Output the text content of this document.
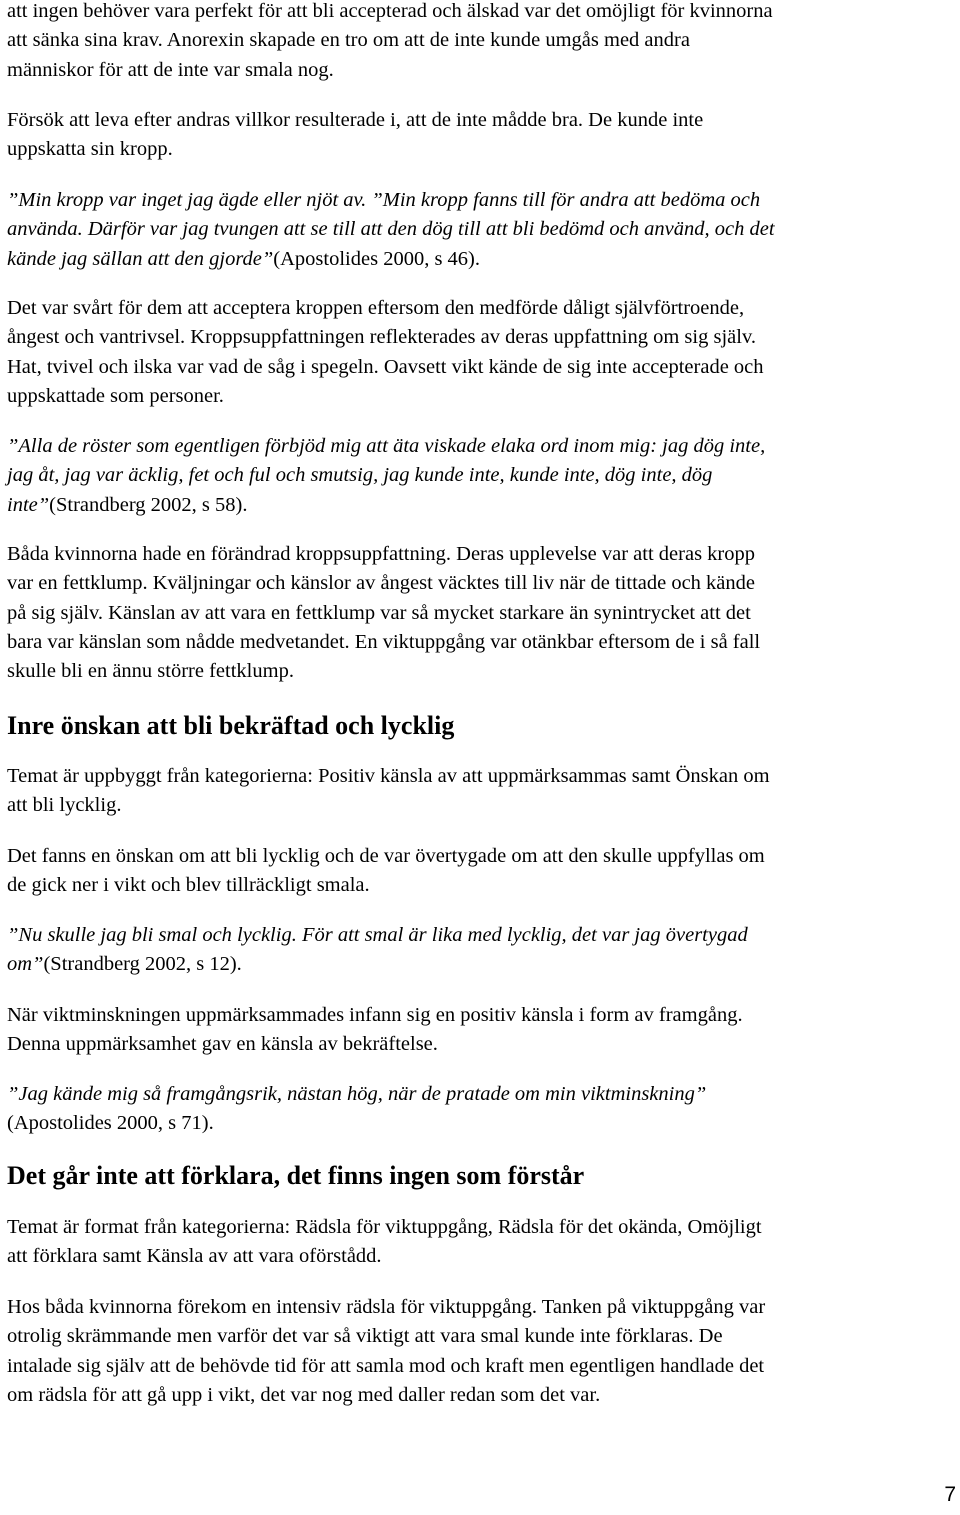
att ingen behöver vara perfekt för att bli accepterad och älskad var det omöjligt för kvinnorna
att sänka sina krav. Anorexin skapade en tro om att de inte kunde umgås med andra
människor för att de inte var smala nog.

Försök att leva efter andras villkor resulterade i, att de inte mådde bra. De kunde inte
uppskatta sin kropp.

”Min kropp var inget jag ägde eller njöt av. ”Min kropp fanns till för andra att bedöma och
använda. Därför var jag tvungen att se till att den dög till att bli bedömd och använd, och det
kände jag sällan att den gjorde”(Apostolides 2000, s 46).

Det var svårt för dem att acceptera kroppen eftersom den medförde dåligt självförtroende,
ångest och vantrivsel. Kroppsuppfattningen reflekterades av deras uppfattning om sig själv.
Hat, tvivel och ilska var vad de såg i spegeln. Oavsett vikt kände de sig inte accepterade och
uppskattade som personer.

”Alla de röster som egentligen förbjöd mig att äta viskade elaka ord inom mig: jag dög inte,
jag åt, jag var äcklig, fet och ful och smutsig, jag kunde inte, kunde inte, dög inte, dög
inte”(Strandberg 2002, s 58).

Båda kvinnorna hade en förändrad kroppsuppfattning. Deras upplevelse var att deras kropp
var en fettklump. Kväljningar och känslor av ångest väcktes till liv när de tittade och kände
på sig själv. Känslan av att vara en fettklump var så mycket starkare än synintrycket att det
bara var känslan som nådde medvetandet. En viktuppgång var otänkbar eftersom de i så fall
skulle bli en ännu större fettklump.

Inre önskan att bli bekräftad och lycklig

Temat är uppbyggt från kategorierna: Positiv känsla av att uppmärksammas samt Önskan om
att bli lycklig.

Det fanns en önskan om att bli lycklig och de var övertygade om att den skulle uppfyllas om
de gick ner i vikt och blev tillräckligt smala.

”Nu skulle jag bli smal och lycklig. För att smal är lika med lycklig, det var jag övertygad
om”(Strandberg 2002, s 12).

När viktminskningen uppmärksammades infann sig en positiv känsla i form av framgång.
Denna uppmärksamhet gav en känsla av bekräftelse.

”Jag kände mig så framgångsrik, nästan hög, när de pratade om min viktminskning”
(Apostolides 2000, s 71).

Det går inte att förklara, det finns ingen som förstår

Temat är format från kategorierna: Rädsla för viktuppgång, Rädsla för det okända, Omöjligt
att förklara samt Känsla av att vara oförstådd.

Hos båda kvinnorna förekom en intensiv rädsla för viktuppgång. Tanken på viktuppgång var
otrolig skrämmande men varför det var så viktigt att vara smal kunde inte förklaras. De
intalade sig själv att de behövde tid för att samla mod och kraft men egentligen handlade det
om rädsla för att gå upp i vikt, det var nog med daller redan som det var.

7
